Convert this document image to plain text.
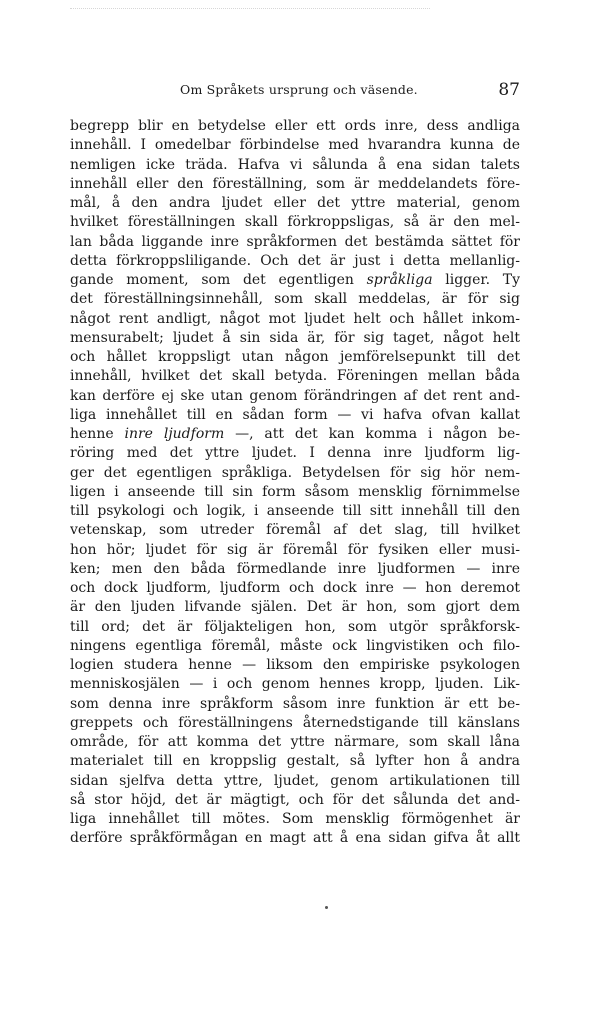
Om Språkets ursprung och väsende.	87
begrepp blir en betydelse eller ett ords inre, dess andliga
innehåll. I omedelbar förbindelse med hvarandra kunna de
nemligen icke träda. Hafva vi sålunda å ena sidan talets
innehåll eller den föreställning, som är meddelandets före-
mål, å den andra ljudet eller det yttre material, genom
hvilket föreställningen skall förkroppsligas, så är den mel-
lan båda liggande inre språkformen det bestämda sättet för
detta förkroppsliligande. Och det är just i detta mellanlig-
gande moment, som det egentligen språkliga ligger. Ty
det föreställningsinnehåll, som skall meddelas, är för sig
något rent andligt, något mot ljudet helt och hållet inkom-
mensurabelt; ljudet å sin sida är, för sig taget, något helt
och hållet kroppsligt utan någon jemförelsepunkt till det
innehåll, hvilket det skall betyda. Föreningen mellan båda
kan derföre ej ske utan genom förändringen af det rent and-
liga innehållet till en sådan form — vi hafva ofvan kallat
henne inre ljudform —, att det kan komma i någon be-
röring med det yttre ljudet. I denna inre ljudform lig-
ger det egentligen språkliga. Betydelsen för sig hör nem-
ligen i anseende till sin form såsom mensklig förnimmelse
till psykologi och logik, i anseende till sitt innehåll till den
vetenskap, som utreder föremål af det slag, till hvilket
hon hör; ljudet för sig är föremål för fysiken eller musi-
ken; men den båda förmedlande inre ljudformen — inre
och dock ljudform, ljudform och dock inre — hon deremot
är den ljuden lifvande själen. Det är hon, som gjort dem
till ord; det är följakteligen hon, som utgör språkforsk-
ningens egentliga föremål, måste ock lingvistiken och filo-
logien studera henne — liksom den empiriske psykologen
menniskosjälen — i och genom hennes kropp, ljuden. Lik-
som denna inre språkform såsom inre funktion är ett be-
greppets och föreställningens åternedstigande till känslans
område, för att komma det yttre närmare, som skall låna
materialet till en kroppslig gestalt, så lyfter hon å andra
sidan sjelfva detta yttre, ljudet, genom artikulationen till
så stor höjd, det är mägtigt, och för det sålunda det and-
liga innehållet till mötes. Som mensklig förmögenhet är
derföre språkförmågan en magt att å ena sidan gifva åt allt
